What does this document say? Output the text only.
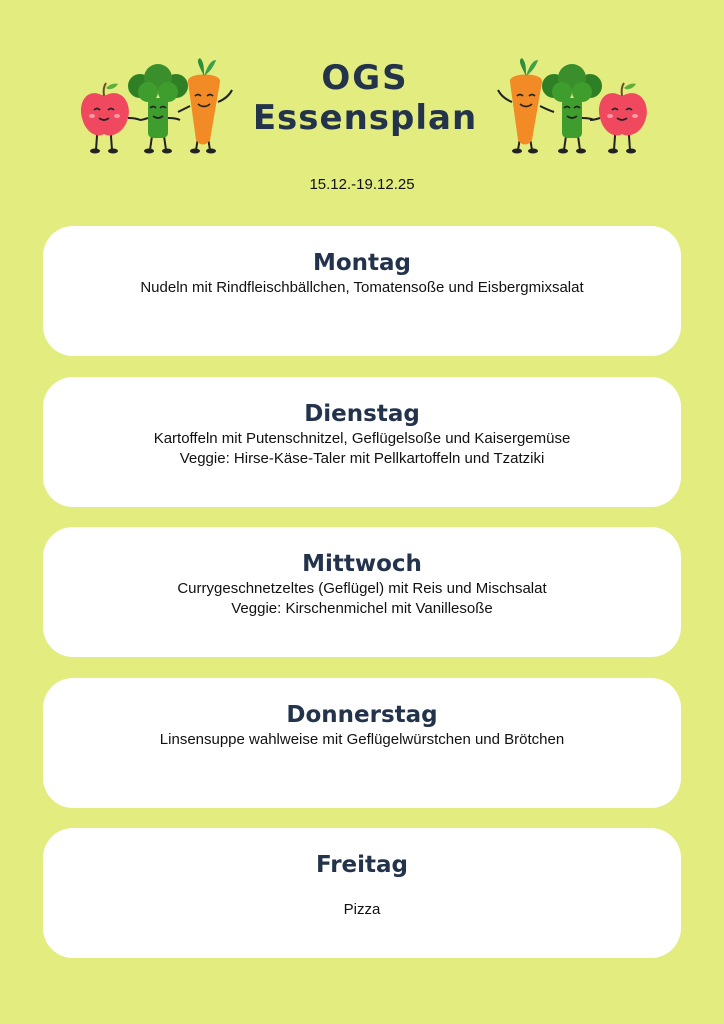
OGS
Essensplan
15.12.-19.12.25
Montag
Nudeln mit Rindfleischbällchen, Tomatensoße und Eisbergmixsalat
Dienstag
Kartoffeln mit Putenschnitzel, Geflügelsoße und Kaisergemüse
Veggie: Hirse-Käse-Taler mit Pellkartoffeln und Tzatziki
Mittwoch
Currygeschnetzeltes (Geflügel) mit Reis und Mischsalat
Veggie: Kirschenmichel mit Vanillesoße
Donnerstag
Linsensuppe wahlweise mit Geflügelwürstchen und Brötchen
Freitag
Pizza
